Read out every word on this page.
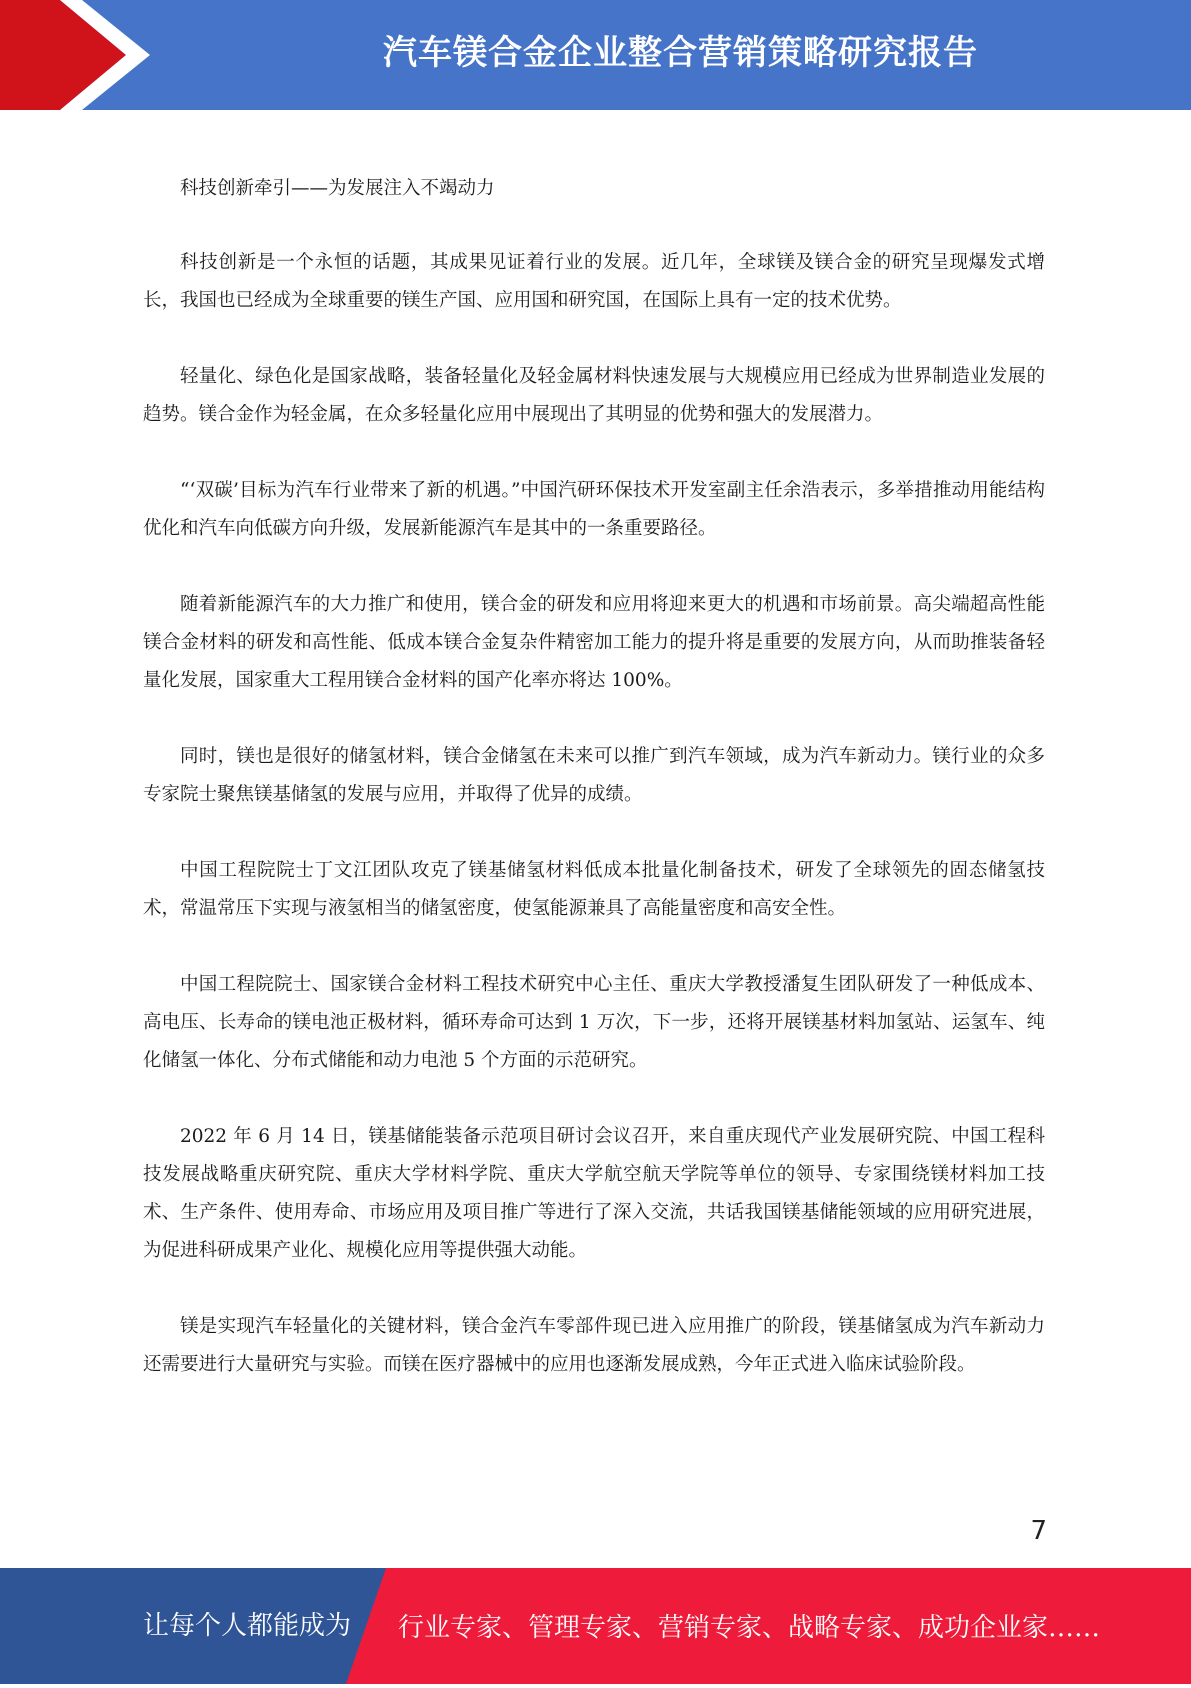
汽车镁合金企业整合营销策略研究报告

科技创新牵引——为发展注入不竭动力

科技创新是一个永恒的话题，其成果见证着行业的发展。近几年，全球镁及镁合金的研究呈现爆发式增长，我国也已经成为全球重要的镁生产国、应用国和研究国，在国际上具有一定的技术优势。

轻量化、绿色化是国家战略，装备轻量化及轻金属材料快速发展与大规模应用已经成为世界制造业发展的趋势。镁合金作为轻金属，在众多轻量化应用中展现出了其明显的优势和强大的发展潜力。

“‘双碳’目标为汽车行业带来了新的机遇。”中国汽研环保技术开发室副主任余浩表示，多举措推动用能结构优化和汽车向低碳方向升级，发展新能源汽车是其中的一条重要路径。

随着新能源汽车的大力推广和使用，镁合金的研发和应用将迎来更大的机遇和市场前景。高尖端超高性能镁合金材料的研发和高性能、低成本镁合金复杂件精密加工能力的提升将是重要的发展方向，从而助推装备轻量化发展，国家重大工程用镁合金材料的国产化率亦将达 100%。

同时，镁也是很好的储氢材料，镁合金储氢在未来可以推广到汽车领域，成为汽车新动力。镁行业的众多专家院士聚焦镁基储氢的发展与应用，并取得了优异的成绩。

中国工程院院士丁文江团队攻克了镁基储氢材料低成本批量化制备技术，研发了全球领先的固态储氢技术，常温常压下实现与液氢相当的储氢密度，使氢能源兼具了高能量密度和高安全性。

中国工程院院士、国家镁合金材料工程技术研究中心主任、重庆大学教授潘复生团队研发了一种低成本、高电压、长寿命的镁电池正极材料，循环寿命可达到 1 万次，下一步，还将开展镁基材料加氢站、运氢车、纯化储氢一体化、分布式储能和动力电池 5 个方面的示范研究。

2022 年 6 月 14 日，镁基储能装备示范项目研讨会议召开，来自重庆现代产业发展研究院、中国工程科技发展战略重庆研究院、重庆大学材料学院、重庆大学航空航天学院等单位的领导、专家围绕镁材料加工技术、生产条件、使用寿命、市场应用及项目推广等进行了深入交流，共话我国镁基储能领域的应用研究进展，为促进科研成果产业化、规模化应用等提供强大动能。

镁是实现汽车轻量化的关键材料，镁合金汽车零部件现已进入应用推广的阶段，镁基储氢成为汽车新动力还需要进行大量研究与实验。而镁在医疗器械中的应用也逐渐发展成熟，今年正式进入临床试验阶段。

7
让每个人都能成为 行业专家、管理专家、营销专家、战略专家、成功企业家……
